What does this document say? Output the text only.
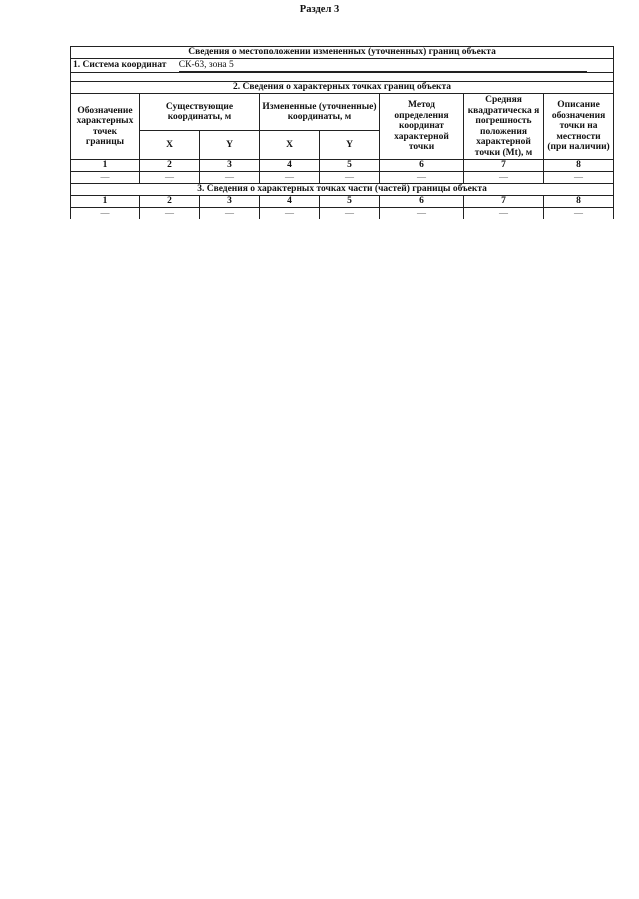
Раздел 3
Сведения о местоположении измененных (уточненных) границ объекта							
1. Система координат СК-63, зона 5							

2. Сведения о характерных точках границ объекта							
Обозначение характерных точек границы	Существующие координаты, м		Измененные (уточненные) координаты, м		Метод определения координат характерной точки	Средняя квадратическа я погрешность положения характерной точки (Mt), м	Описание обозначения точки на местности (при наличии)
	X	Y	X	Y			
1	2	3	4	5	6	7	8
—	—	—	—	—	—	—	—
3. Сведения о характерных точках части (частей) границы объекта							
1	2	3	4	5	6	7	8
—	—	—	—	—	—	—	—
